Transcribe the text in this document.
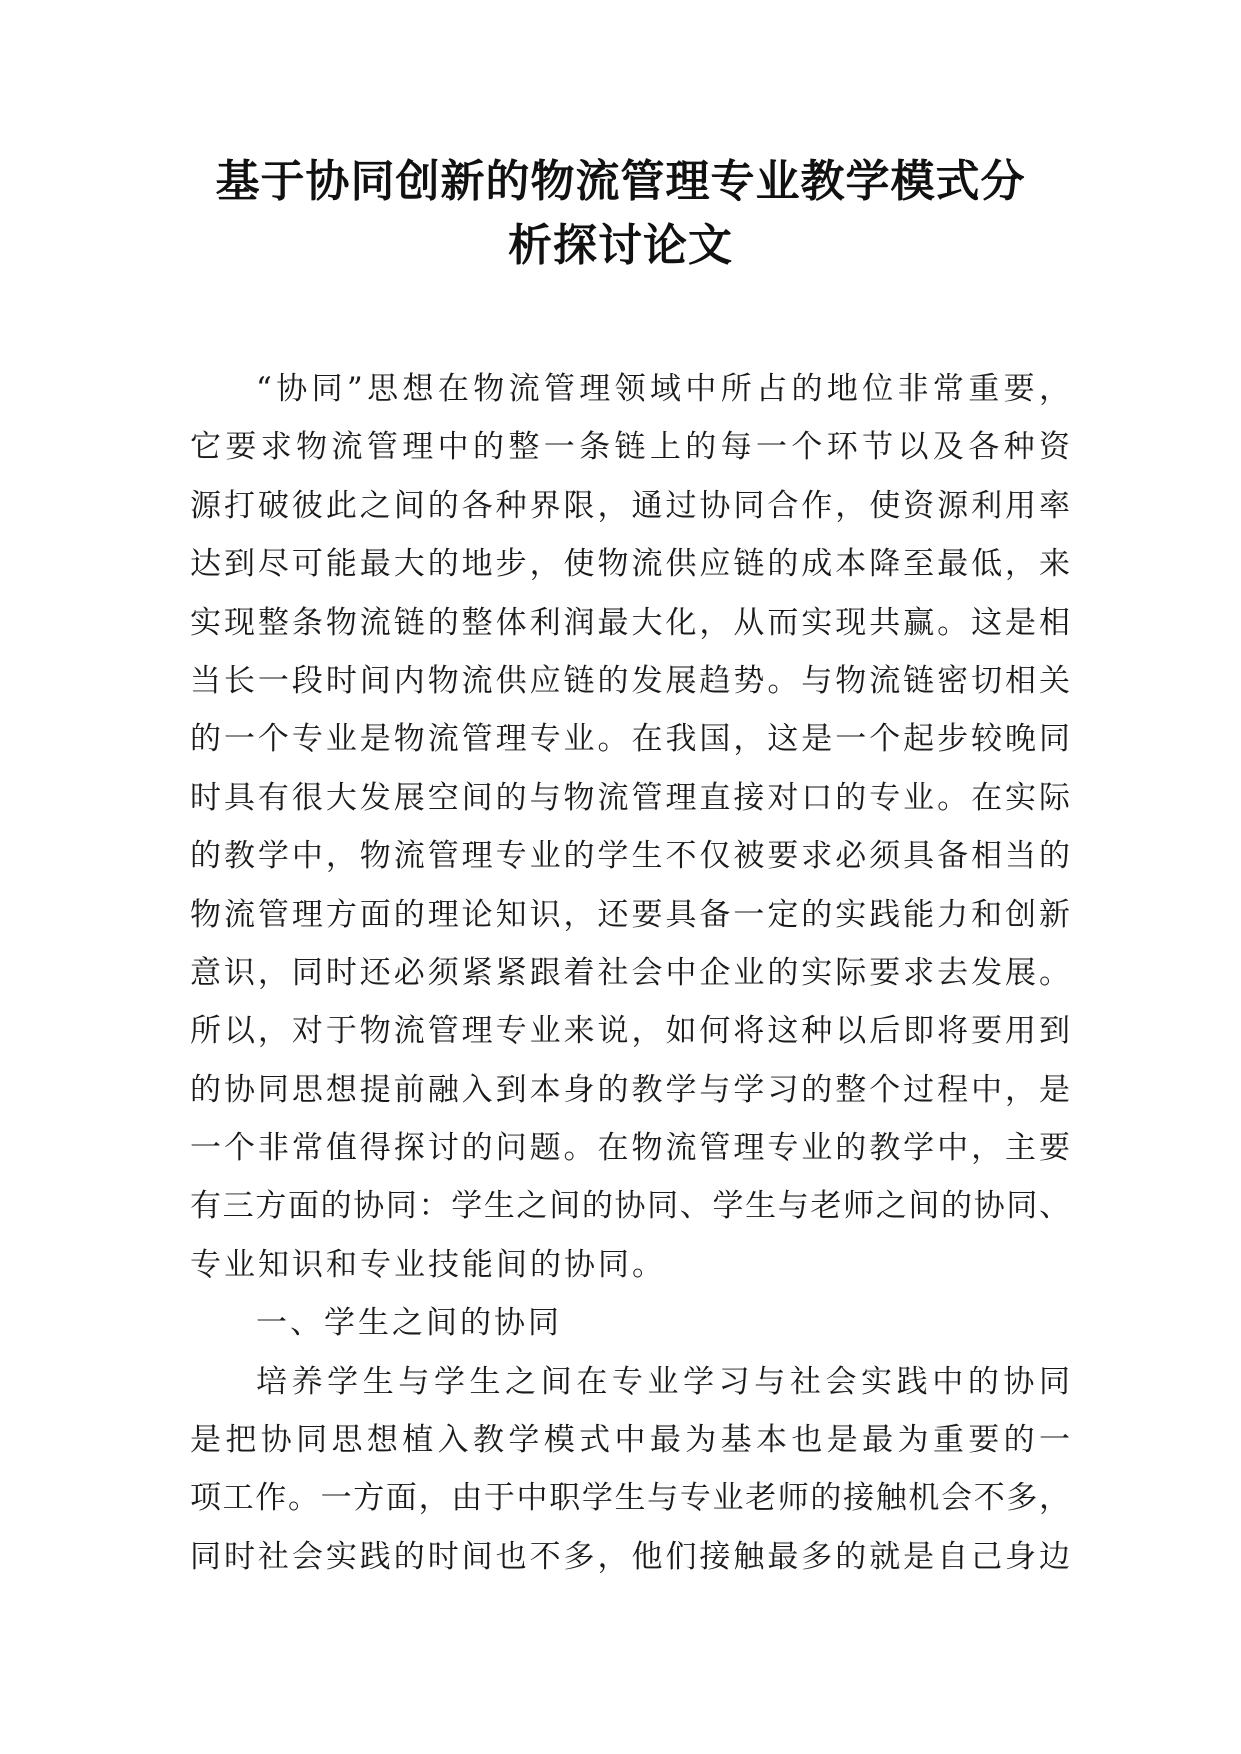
基于协同创新的物流管理专业教学模式分
析探讨论文
“协同”思想在物流管理领域中所占的地位非常重要，
它要求物流管理中的整一条链上的每一个环节以及各种资
源打破彼此之间的各种界限，通过协同合作，使资源利用率
达到尽可能最大的地步，使物流供应链的成本降至最低，来
实现整条物流链的整体利润最大化，从而实现共赢。这是相
当长一段时间内物流供应链的发展趋势。与物流链密切相关
的一个专业是物流管理专业。在我国，这是一个起步较晚同
时具有很大发展空间的与物流管理直接对口的专业。在实际
的教学中，物流管理专业的学生不仅被要求必须具备相当的
物流管理方面的理论知识，还要具备一定的实践能力和创新
意识，同时还必须紧紧跟着社会中企业的实际要求去发展。
所以，对于物流管理专业来说，如何将这种以后即将要用到
的协同思想提前融入到本身的教学与学习的整个过程中，是
一个非常值得探讨的问题。在物流管理专业的教学中，主要
有三方面的协同：学生之间的协同、学生与老师之间的协同、
专业知识和专业技能间的协同。
一、学生之间的协同
培养学生与学生之间在专业学习与社会实践中的协同
是把协同思想植入教学模式中最为基本也是最为重要的一
项工作。一方面，由于中职学生与专业老师的接触机会不多，
同时社会实践的时间也不多，他们接触最多的就是自己身边
